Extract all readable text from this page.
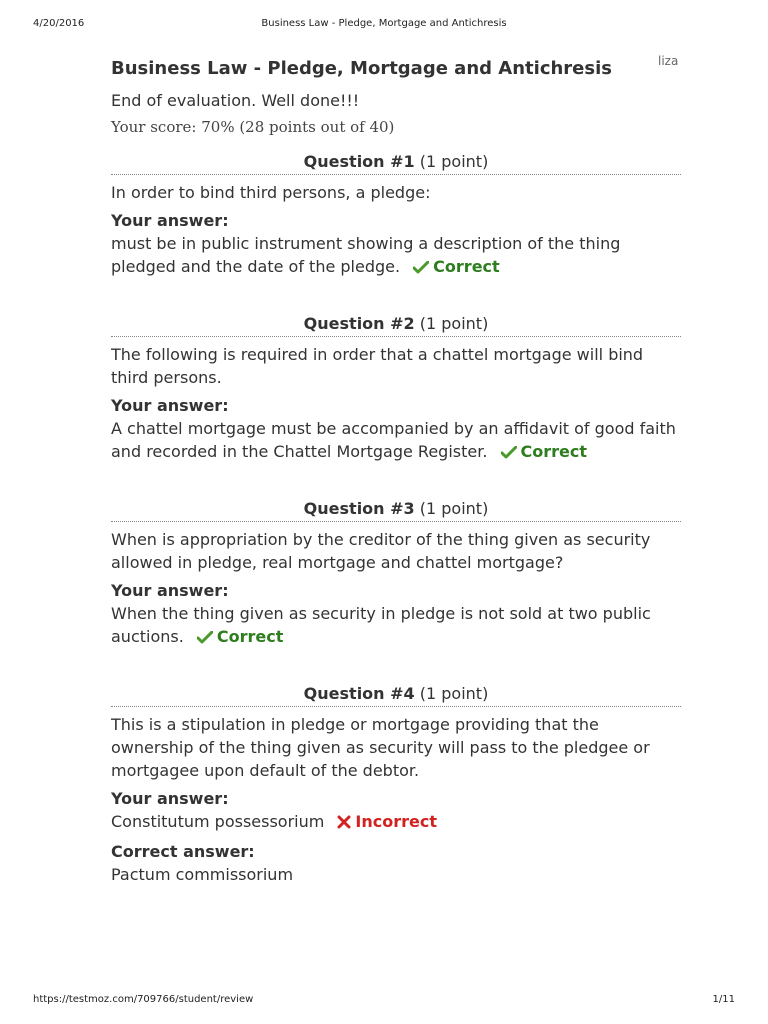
4/20/2016	Business Law - Pledge, Mortgage and Antichresis
liza
Business Law - Pledge, Mortgage and Antichresis
End of evaluation. Well done!!!
Your score: 70% (28 points out of 40)
Question #1 (1 point)
In order to bind third persons, a pledge:
Your answer:
must be in public instrument showing a description of the thing pledged and the date of the pledge. Correct
Question #2 (1 point)
The following is required in order that a chattel mortgage will bind third persons.
Your answer:
A chattel mortgage must be accompanied by an affidavit of good faith and recorded in the Chattel Mortgage Register. Correct
Question #3 (1 point)
When is appropriation by the creditor of the thing given as security allowed in pledge, real mortgage and chattel mortgage?
Your answer:
When the thing given as security in pledge is not sold at two public auctions. Correct
Question #4 (1 point)
This is a stipulation in pledge or mortgage providing that the ownership of the thing given as security will pass to the pledgee or mortgagee upon default of the debtor.
Your answer:
Constitutum possessorium Incorrect
Correct answer:
Pactum commissorium
https://testmoz.com/709766/student/review	1/11
